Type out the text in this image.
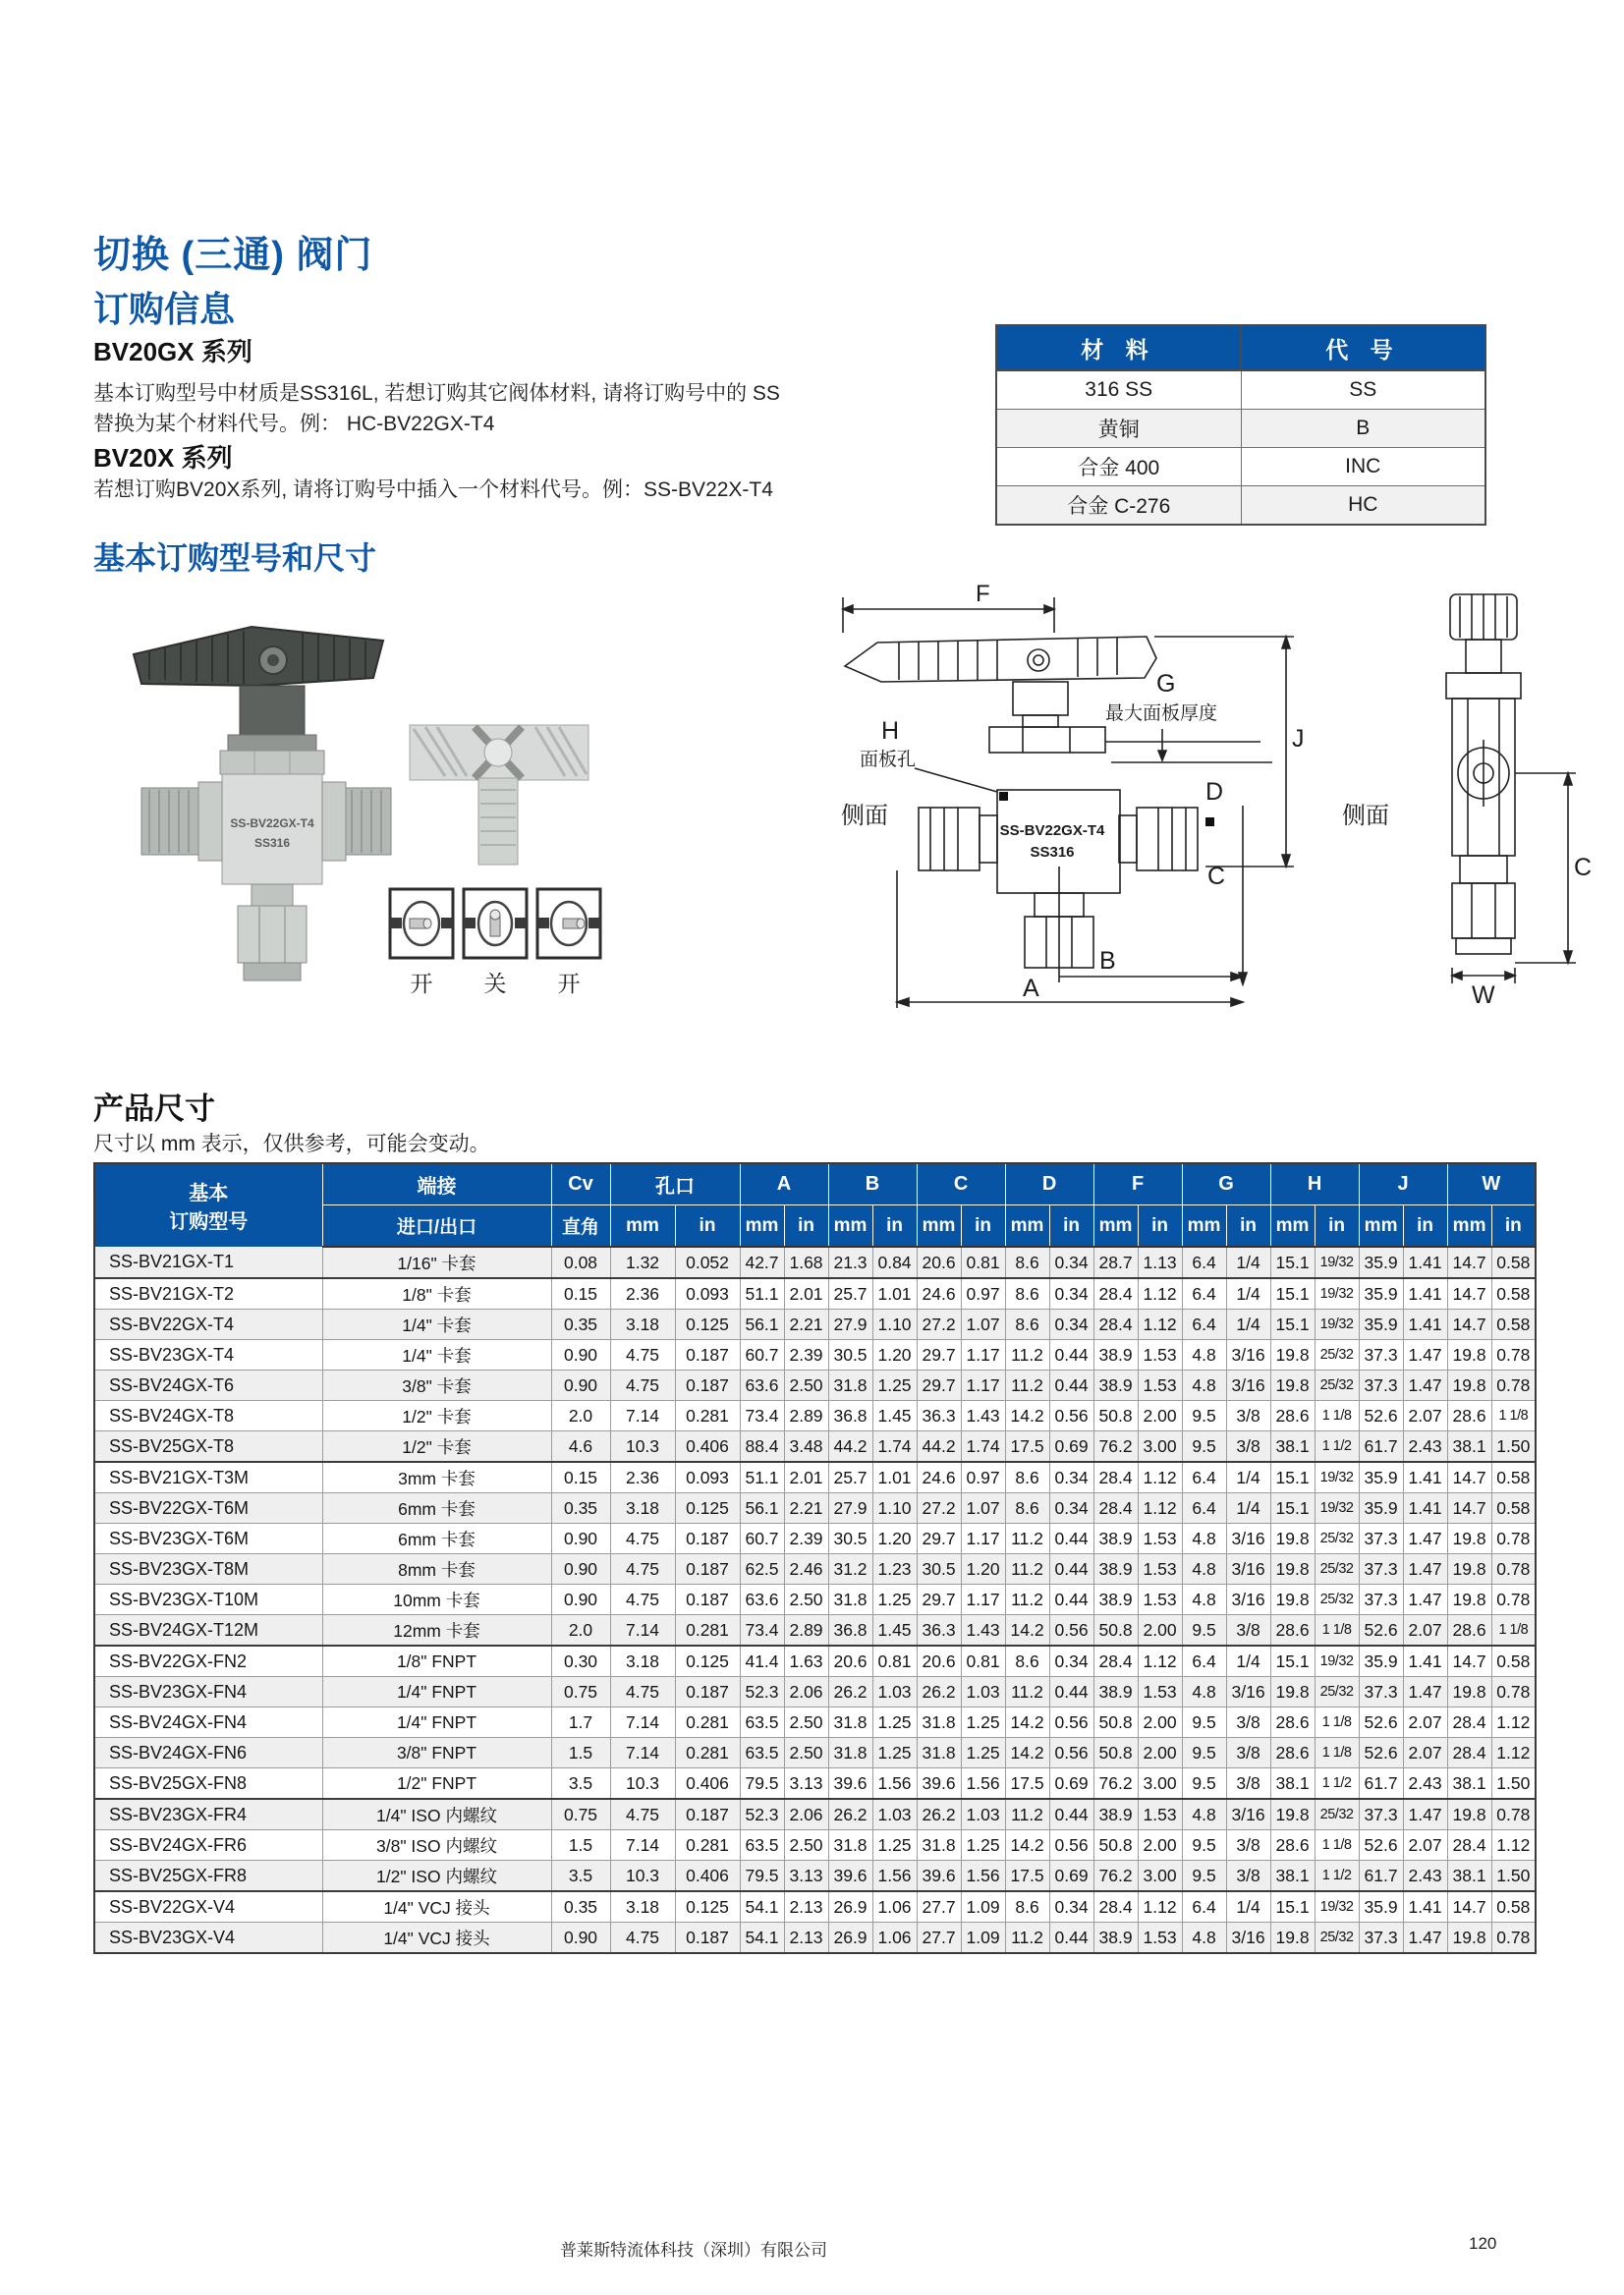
切换 (三通) 阀门
订购信息
BV20GX 系列
基本订购型号中材质是SS316L, 若想订购其它阀体材料, 请将订购号中的 SS
替换为某个材料代号。例： HC-BV22GX-T4
BV20X 系列
若想订购BV20X系列, 请将订购号中插入一个材料代号。例：SS-BV22X-T4
材 料	代 号
316 SS	SS
黄铜	B
合金 400	INC
合金 C-276	HC
基本订购型号和尺寸
SS-BV22GX-T4
SS316
开	关	开
F
G
最大面板厚度
H
面板孔
D
J
C
B
A
SS-BV22GX-T4
SS316
侧面	侧面
C
W
产品尺寸
尺寸以 mm 表示，仅供参考，可能会变动。
基本
订购型号	端接	Cv	孔口		A		B		C		D		F		G		H		J		W	
	进口/出口	直角	mm	in	mm	in	mm	in	mm	in	mm	in	mm	in	mm	in	mm	in	mm	in	mm	in
SS-BV21GX-T1	1/16" 卡套	0.08	1.32	0.052	42.7	1.68	21.3	0.84	20.6	0.81	8.6	0.34	28.7	1.13	6.4	1/4	15.1	19/32	35.9	1.41	14.7	0.58
SS-BV21GX-T2	1/8" 卡套	0.15	2.36	0.093	51.1	2.01	25.7	1.01	24.6	0.97	8.6	0.34	28.4	1.12	6.4	1/4	15.1	19/32	35.9	1.41	14.7	0.58
SS-BV22GX-T4	1/4" 卡套	0.35	3.18	0.125	56.1	2.21	27.9	1.10	27.2	1.07	8.6	0.34	28.4	1.12	6.4	1/4	15.1	19/32	35.9	1.41	14.7	0.58
SS-BV23GX-T4	1/4" 卡套	0.90	4.75	0.187	60.7	2.39	30.5	1.20	29.7	1.17	11.2	0.44	38.9	1.53	4.8	3/16	19.8	25/32	37.3	1.47	19.8	0.78
SS-BV24GX-T6	3/8" 卡套	0.90	4.75	0.187	63.6	2.50	31.8	1.25	29.7	1.17	11.2	0.44	38.9	1.53	4.8	3/16	19.8	25/32	37.3	1.47	19.8	0.78
SS-BV24GX-T8	1/2" 卡套	2.0	7.14	0.281	73.4	2.89	36.8	1.45	36.3	1.43	14.2	0.56	50.8	2.00	9.5	3/8	28.6	1 1/8	52.6	2.07	28.6	1 1/8
SS-BV25GX-T8	1/2" 卡套	4.6	10.3	0.406	88.4	3.48	44.2	1.74	44.2	1.74	17.5	0.69	76.2	3.00	9.5	3/8	38.1	1 1/2	61.7	2.43	38.1	1.50
SS-BV21GX-T3M	3mm 卡套	0.15	2.36	0.093	51.1	2.01	25.7	1.01	24.6	0.97	8.6	0.34	28.4	1.12	6.4	1/4	15.1	19/32	35.9	1.41	14.7	0.58
SS-BV22GX-T6M	6mm 卡套	0.35	3.18	0.125	56.1	2.21	27.9	1.10	27.2	1.07	8.6	0.34	28.4	1.12	6.4	1/4	15.1	19/32	35.9	1.41	14.7	0.58
SS-BV23GX-T6M	6mm 卡套	0.90	4.75	0.187	60.7	2.39	30.5	1.20	29.7	1.17	11.2	0.44	38.9	1.53	4.8	3/16	19.8	25/32	37.3	1.47	19.8	0.78
SS-BV23GX-T8M	8mm 卡套	0.90	4.75	0.187	62.5	2.46	31.2	1.23	30.5	1.20	11.2	0.44	38.9	1.53	4.8	3/16	19.8	25/32	37.3	1.47	19.8	0.78
SS-BV23GX-T10M	10mm 卡套	0.90	4.75	0.187	63.6	2.50	31.8	1.25	29.7	1.17	11.2	0.44	38.9	1.53	4.8	3/16	19.8	25/32	37.3	1.47	19.8	0.78
SS-BV24GX-T12M	12mm 卡套	2.0	7.14	0.281	73.4	2.89	36.8	1.45	36.3	1.43	14.2	0.56	50.8	2.00	9.5	3/8	28.6	1 1/8	52.6	2.07	28.6	1 1/8
SS-BV22GX-FN2	1/8" FNPT	0.30	3.18	0.125	41.4	1.63	20.6	0.81	20.6	0.81	8.6	0.34	28.4	1.12	6.4	1/4	15.1	19/32	35.9	1.41	14.7	0.58
SS-BV23GX-FN4	1/4" FNPT	0.75	4.75	0.187	52.3	2.06	26.2	1.03	26.2	1.03	11.2	0.44	38.9	1.53	4.8	3/16	19.8	25/32	37.3	1.47	19.8	0.78
SS-BV24GX-FN4	1/4" FNPT	1.7	7.14	0.281	63.5	2.50	31.8	1.25	31.8	1.25	14.2	0.56	50.8	2.00	9.5	3/8	28.6	1 1/8	52.6	2.07	28.4	1.12
SS-BV24GX-FN6	3/8" FNPT	1.5	7.14	0.281	63.5	2.50	31.8	1.25	31.8	1.25	14.2	0.56	50.8	2.00	9.5	3/8	28.6	1 1/8	52.6	2.07	28.4	1.12
SS-BV25GX-FN8	1/2" FNPT	3.5	10.3	0.406	79.5	3.13	39.6	1.56	39.6	1.56	17.5	0.69	76.2	3.00	9.5	3/8	38.1	1 1/2	61.7	2.43	38.1	1.50
SS-BV23GX-FR4	1/4" ISO 内螺纹	0.75	4.75	0.187	52.3	2.06	26.2	1.03	26.2	1.03	11.2	0.44	38.9	1.53	4.8	3/16	19.8	25/32	37.3	1.47	19.8	0.78
SS-BV24GX-FR6	3/8" ISO 内螺纹	1.5	7.14	0.281	63.5	2.50	31.8	1.25	31.8	1.25	14.2	0.56	50.8	2.00	9.5	3/8	28.6	1 1/8	52.6	2.07	28.4	1.12
SS-BV25GX-FR8	1/2" ISO 内螺纹	3.5	10.3	0.406	79.5	3.13	39.6	1.56	39.6	1.56	17.5	0.69	76.2	3.00	9.5	3/8	38.1	1 1/2	61.7	2.43	38.1	1.50
SS-BV22GX-V4	1/4" VCJ 接头	0.35	3.18	0.125	54.1	2.13	26.9	1.06	27.7	1.09	8.6	0.34	28.4	1.12	6.4	1/4	15.1	19/32	35.9	1.41	14.7	0.58
SS-BV23GX-V4	1/4" VCJ 接头	0.90	4.75	0.187	54.1	2.13	26.9	1.06	27.7	1.09	11.2	0.44	38.9	1.53	4.8	3/16	19.8	25/32	37.3	1.47	19.8	0.78
普莱斯特流体科技（深圳）有限公司	120
